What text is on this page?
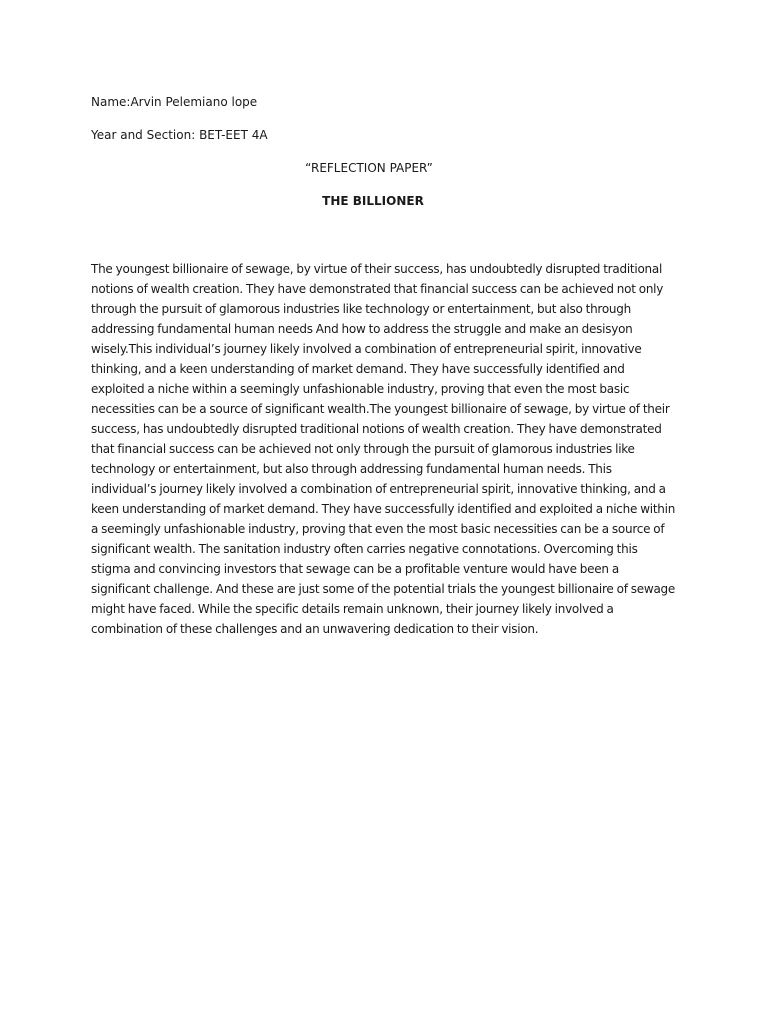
Name:Arvin Pelemiano lope
Year and Section: BET-EET 4A
“REFLECTION PAPER”
THE BILLIONER

The youngest billionaire of sewage, by virtue of their success, has undoubtedly disrupted traditional notions of wealth creation. They have demonstrated that financial success can be achieved not only through the pursuit of glamorous industries like technology or entertainment, but also through addressing fundamental human needs And how to address the struggle and make an desisyon wisely.This individual’s journey likely involved a combination of entrepreneurial spirit, innovative thinking, and a keen understanding of market demand. They have successfully identified and exploited a niche within a seemingly unfashionable industry, proving that even the most basic necessities can be a source of significant wealth.The youngest billionaire of sewage, by virtue of their success, has undoubtedly disrupted traditional notions of wealth creation. They have demonstrated that financial success can be achieved not only through the pursuit of glamorous industries like technology or entertainment, but also through addressing fundamental human needs. This individual’s journey likely involved a combination of entrepreneurial spirit, innovative thinking, and a keen understanding of market demand. They have successfully identified and exploited a niche within a seemingly unfashionable industry, proving that even the most basic necessities can be a source of significant wealth. The sanitation industry often carries negative connotations. Overcoming this stigma and convincing investors that sewage can be a profitable venture would have been a significant challenge. And these are just some of the potential trials the youngest billionaire of sewage might have faced. While the specific details remain unknown, their journey likely involved a combination of these challenges and an unwavering dedication to their vision.
